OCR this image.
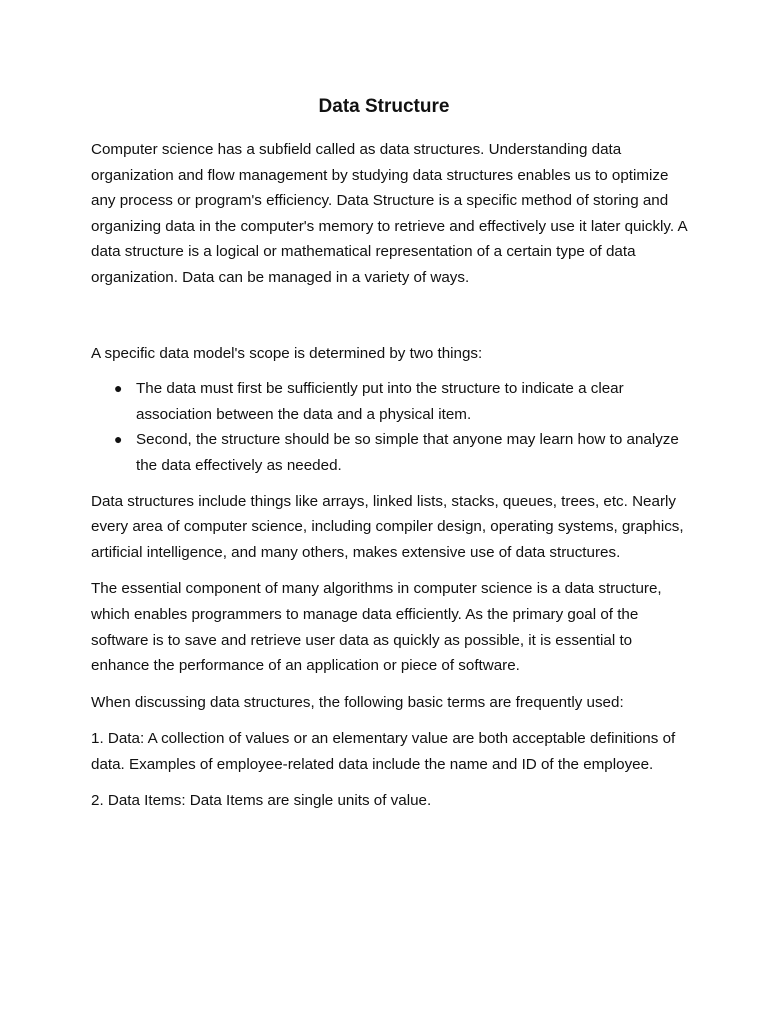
Data Structure

Computer science has a subfield called as data structures. Understanding data organization and flow management by studying data structures enables us to optimize any process or program's efficiency. Data Structure is a specific method of storing and organizing data in the computer's memory to retrieve and effectively use it later quickly. A data structure is a logical or mathematical representation of a certain type of data organization. Data can be managed in a variety of ways.

A specific data model's scope is determined by two things:

● The data must first be sufficiently put into the structure to indicate a clear association between the data and a physical item.
● Second, the structure should be so simple that anyone may learn how to analyze the data effectively as needed.

Data structures include things like arrays, linked lists, stacks, queues, trees, etc. Nearly every area of computer science, including compiler design, operating systems, graphics, artificial intelligence, and many others, makes extensive use of data structures.

The essential component of many algorithms in computer science is a data structure, which enables programmers to manage data efficiently. As the primary goal of the software is to save and retrieve user data as quickly as possible, it is essential to enhance the performance of an application or piece of software.

When discussing data structures, the following basic terms are frequently used:

1. Data: A collection of values or an elementary value are both acceptable definitions of data. Examples of employee-related data include the name and ID of the employee.

2. Data Items: Data Items are single units of value.
